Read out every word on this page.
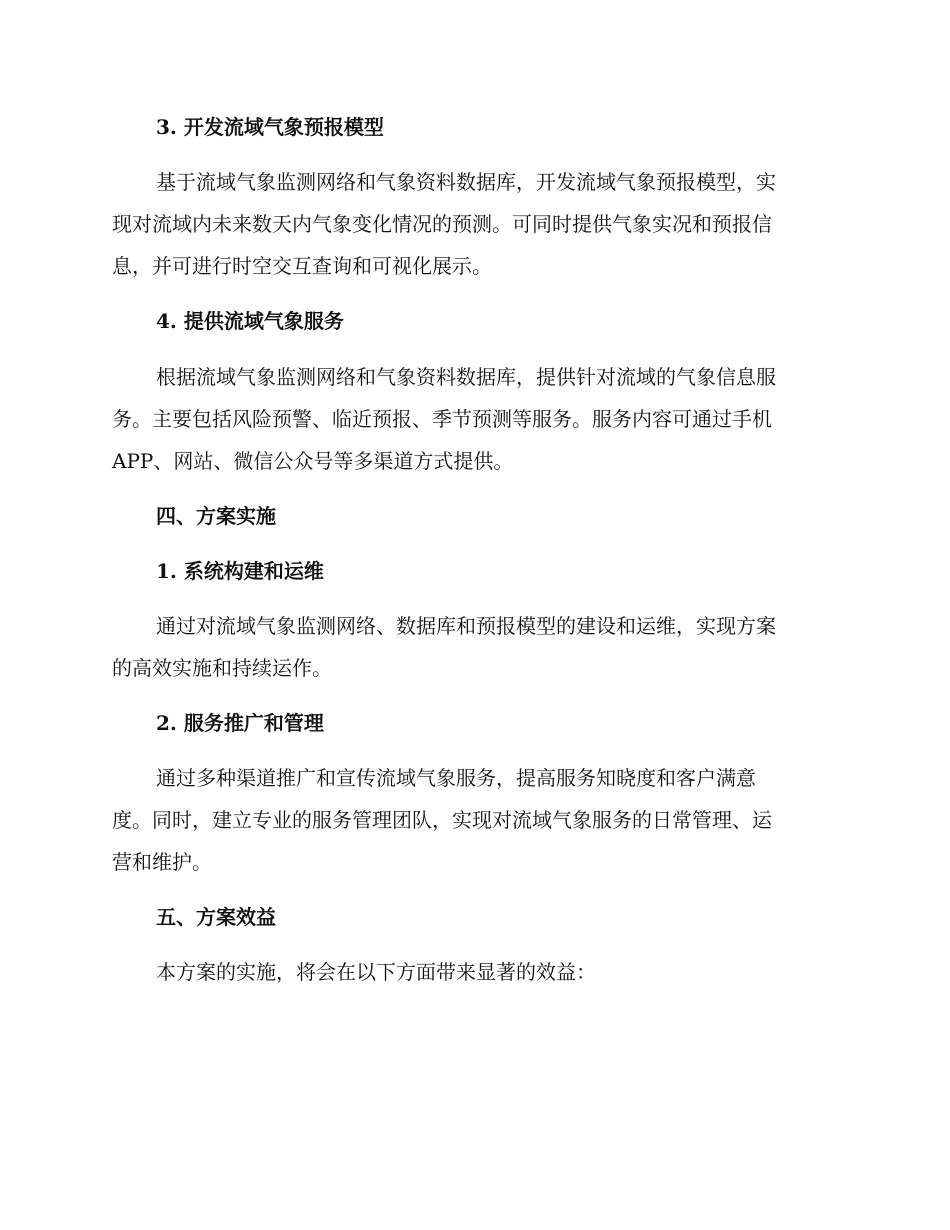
3. 开发流域气象预报模型
基于流域气象监测网络和气象资料数据库，开发流域气象预报模型，实
现对流域内未来数天内气象变化情况的预测。可同时提供气象实况和预报信
息，并可进行时空交互查询和可视化展示。
4. 提供流域气象服务
根据流域气象监测网络和气象资料数据库，提供针对流域的气象信息服
务。主要包括风险预警、临近预报、季节预测等服务。服务内容可通过手机
APP、网站、微信公众号等多渠道方式提供。
四、方案实施
1. 系统构建和运维
通过对流域气象监测网络、数据库和预报模型的建设和运维，实现方案
的高效实施和持续运作。
2. 服务推广和管理
通过多种渠道推广和宣传流域气象服务，提高服务知晓度和客户满意
度。同时，建立专业的服务管理团队，实现对流域气象服务的日常管理、运
营和维护。
五、方案效益
本方案的实施，将会在以下方面带来显著的效益：
